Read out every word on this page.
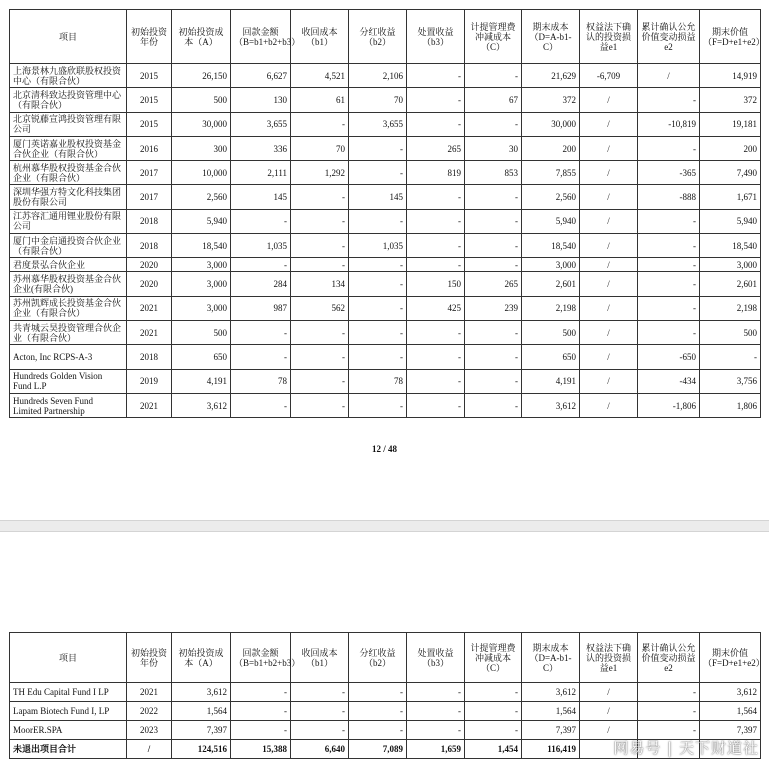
项目	初始投资年份	初始投资成本（A）	回款金额（B=b1+b2+b3）	收回成本（b1）	分红收益（b2）	处置收益（b3）	计提管理费冲减成本（C）	期末成本（D=A-b1-C）	权益法下确认的投资损益e1	累计确认公允价值变动损益e2	期末价值（F=D+e1+e2）
上海景林九盛欣联股权投资中心（有限合伙）	2015	26,150	6,627	4,521	2,106	-	-	21,629	-6,709	/	14,919
北京清科致达投资管理中心（有限合伙）	2015	500	130	61	70	-	67	372	/	-	372
北京锐藤宣鸿投资管理有限公司	2015	30,000	3,655	-	3,655	-	-	30,000	/	-10,819	19,181
厦门英诺嘉业股权投资基金合伙企业（有限合伙）	2016	300	336	70	-	265	30	200	/	-	200
杭州慕华股权投资基金合伙企业（有限合伙）	2017	10,000	2,111	1,292	-	819	853	7,855	/	-365	7,490
深圳华强方特文化科技集团股份有限公司	2017	2,560	145	-	145	-	-	2,560	/	-888	1,671
江苏容汇通用锂业股份有限公司	2018	5,940	-	-	-	-	-	5,940	/	-	5,940
厦门中金启通投资合伙企业（有限合伙）	2018	18,540	1,035	-	1,035	-	-	18,540	/	-	18,540
君度景弘合伙企业	2020	3,000	-	-	-	-	-	3,000	/	-	3,000
苏州慕华股权投资基金合伙企业(有限合伙)	2020	3,000	284	134	-	150	265	2,601	/	-	2,601
苏州凯辉成长投资基金合伙企业（有限合伙）	2021	3,000	987	562	-	425	239	2,198	/	-	2,198
共青城云昊投资管理合伙企业（有限合伙）	2021	500	-	-	-	-	-	500	/	-	500
Acton, Inc RCPS-A-3	2018	650	-	-	-	-	-	650	/	-650	-
Hundreds Golden Vision Fund L.P	2019	4,191	78	-	78	-	-	4,191	/	-434	3,756
Hundreds Seven Fund Limited Partnership	2021	3,612	-	-	-	-	-	3,612	/	-1,806	1,806
12 / 48
项目	初始投资年份	初始投资成本（A）	回款金额（B=b1+b2+b3）	收回成本（b1）	分红收益（b2）	处置收益（b3）	计提管理费冲减成本（C）	期末成本（D=A-b1-C）	权益法下确认的投资损益e1	累计确认公允价值变动损益e2	期末价值（F=D+e1+e2）
TH Edu Capital Fund I LP	2021	3,612	-	-	-	-	-	3,612	/	-	3,612
Lapam Biotech Fund I, LP	2022	1,564	-	-	-	-	-	1,564	/	-	1,564
MoorER.SPA	2023	7,397	-	-	-	-	-	7,397	/	-	7,397
未退出项目合计	/	124,516	15,388	6,640	7,089	1,659	1,454	116,419			网易号 | 天下财道社
